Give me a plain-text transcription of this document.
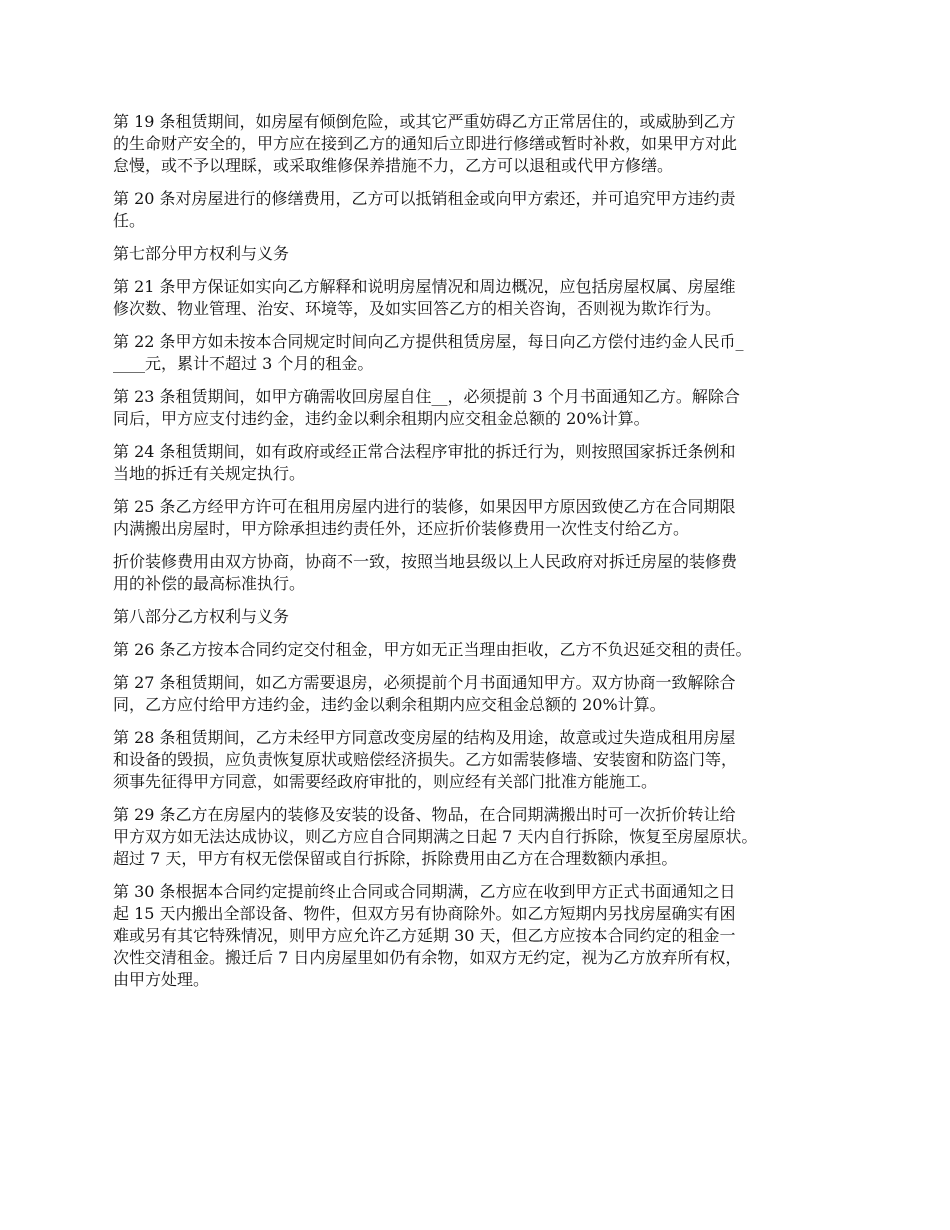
第 19 条租赁期间，如房屋有倾倒危险，或其它严重妨碍乙方正常居住的，或威胁到乙方
的生命财产安全的，甲方应在接到乙方的通知后立即进行修缮或暂时补救，如果甲方对此
怠慢，或不予以理睬，或采取维修保养措施不力，乙方可以退租或代甲方修缮。

第 20 条对房屋进行的修缮费用，乙方可以抵销租金或向甲方索还，并可追究甲方违约责
任。

第七部分甲方权利与义务

第 21 条甲方保证如实向乙方解释和说明房屋情况和周边概况，应包括房屋权属、房屋维
修次数、物业管理、治安、环境等，及如实回答乙方的相关咨询，否则视为欺诈行为。

第 22 条甲方如未按本合同规定时间向乙方提供租赁房屋，每日向乙方偿付违约金人民币_
____元，累计不超过 3 个月的租金。

第 23 条租赁期间，如甲方确需收回房屋自住__，必须提前 3 个月书面通知乙方。解除合
同后，甲方应支付违约金，违约金以剩余租期内应交租金总额的 20%计算。

第 24 条租赁期间，如有政府或经正常合法程序审批的拆迁行为，则按照国家拆迁条例和
当地的拆迁有关规定执行。

第 25 条乙方经甲方许可在租用房屋内进行的装修，如果因甲方原因致使乙方在合同期限
内满搬出房屋时，甲方除承担违约责任外，还应折价装修费用一次性支付给乙方。

折价装修费用由双方协商，协商不一致，按照当地县级以上人民政府对拆迁房屋的装修费
用的补偿的最高标准执行。

第八部分乙方权利与义务

第 26 条乙方按本合同约定交付租金，甲方如无正当理由拒收，乙方不负迟延交租的责任。

第 27 条租赁期间，如乙方需要退房，必须提前个月书面通知甲方。双方协商一致解除合
同，乙方应付给甲方违约金，违约金以剩余租期内应交租金总额的 20%计算。

第 28 条租赁期间，乙方未经甲方同意改变房屋的结构及用途，故意或过失造成租用房屋
和设备的毁损，应负责恢复原状或赔偿经济损失。乙方如需装修墙、安装窗和防盗门等，
须事先征得甲方同意，如需要经政府审批的，则应经有关部门批准方能施工。

第 29 条乙方在房屋内的装修及安装的设备、物品，在合同期满搬出时可一次折价转让给
甲方双方如无法达成协议，则乙方应自合同期满之日起 7 天内自行拆除，恢复至房屋原状。
超过 7 天，甲方有权无偿保留或自行拆除，拆除费用由乙方在合理数额内承担。

第 30 条根据本合同约定提前终止合同或合同期满，乙方应在收到甲方正式书面通知之日
起 15 天内搬出全部设备、物件，但双方另有协商除外。如乙方短期内另找房屋确实有困
难或另有其它特殊情况，则甲方应允许乙方延期 30 天，但乙方应按本合同约定的租金一
次性交清租金。搬迁后 7 日内房屋里如仍有余物，如双方无约定，视为乙方放弃所有权，
由甲方处理。
